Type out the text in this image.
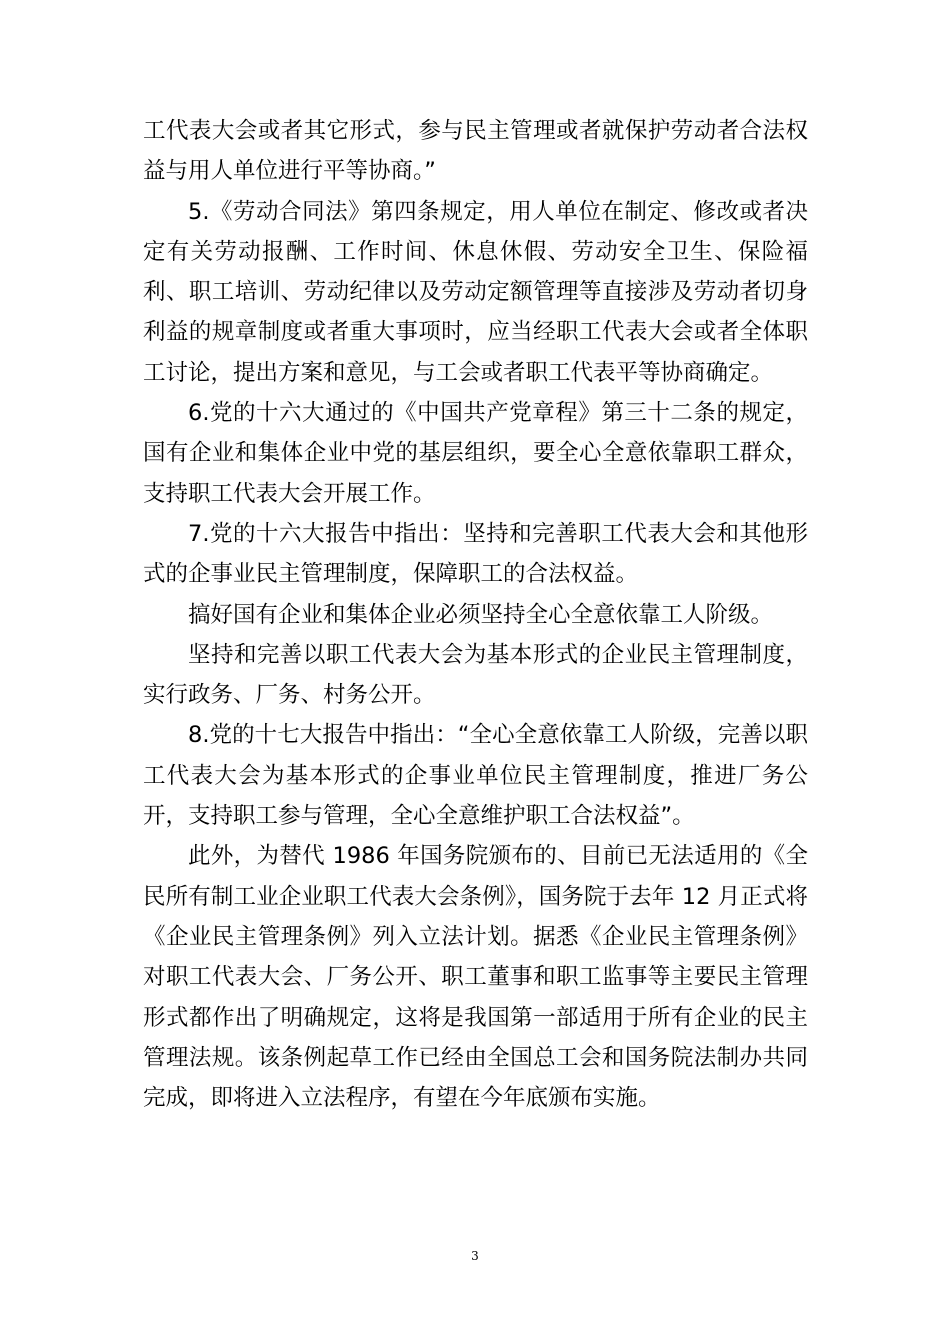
工代表大会或者其它形式，参与民主管理或者就保护劳动者合法权益与用人单位进行平等协商。”

5.《劳动合同法》第四条规定，用人单位在制定、修改或者决定有关劳动报酬、工作时间、休息休假、劳动安全卫生、保险福利、职工培训、劳动纪律以及劳动定额管理等直接涉及劳动者切身利益的规章制度或者重大事项时，应当经职工代表大会或者全体职工讨论，提出方案和意见，与工会或者职工代表平等协商确定。

6.党的十六大通过的《中国共产党章程》第三十二条的规定，国有企业和集体企业中党的基层组织，要全心全意依靠职工群众，支持职工代表大会开展工作。

7.党的十六大报告中指出：坚持和完善职工代表大会和其他形式的企事业民主管理制度，保障职工的合法权益。

搞好国有企业和集体企业必须坚持全心全意依靠工人阶级。

坚持和完善以职工代表大会为基本形式的企业民主管理制度，实行政务、厂务、村务公开。

8.党的十七大报告中指出：“全心全意依靠工人阶级，完善以职工代表大会为基本形式的企事业单位民主管理制度，推进厂务公开，支持职工参与管理，全心全意维护职工合法权益”。

此外，为替代 1986 年国务院颁布的、目前已无法适用的《全民所有制工业企业职工代表大会条例》，国务院于去年 12 月正式将《企业民主管理条例》列入立法计划。据悉《企业民主管理条例》对职工代表大会、厂务公开、职工董事和职工监事等主要民主管理形式都作出了明确规定，这将是我国第一部适用于所有企业的民主管理法规。该条例起草工作已经由全国总工会和国务院法制办共同完成，即将进入立法程序，有望在今年底颁布实施。

3
